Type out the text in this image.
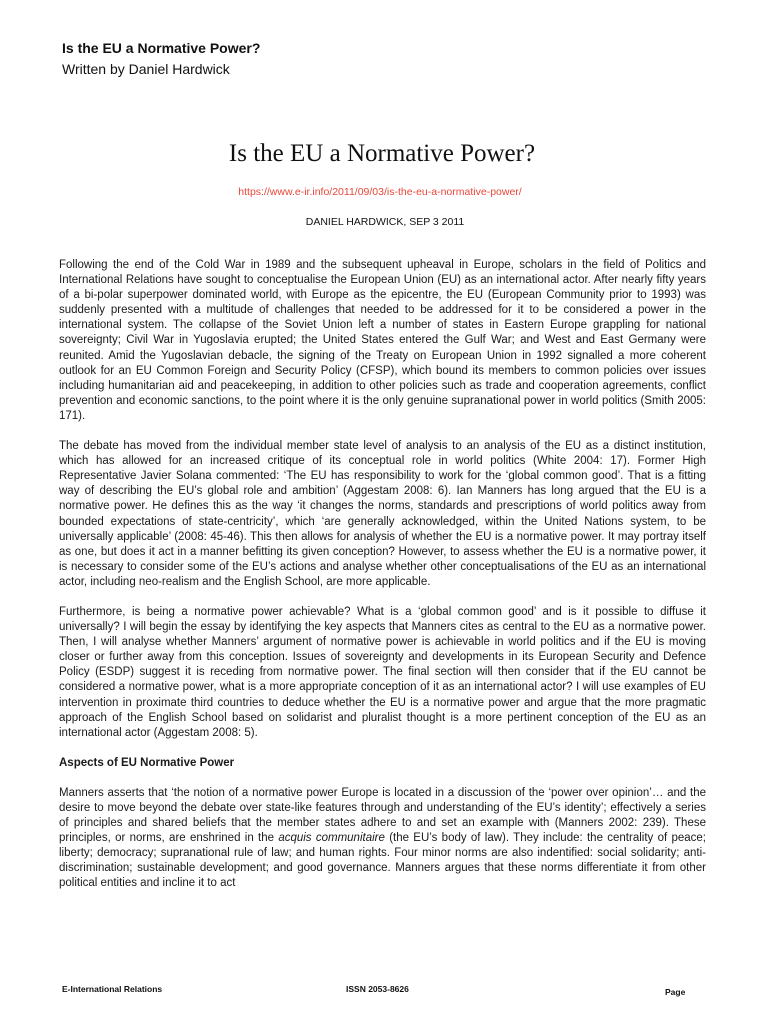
Is the EU a Normative Power?
Written by Daniel Hardwick
Is the EU a Normative Power?
https://www.e-ir.info/2011/09/03/is-the-eu-a-normative-power/
DANIEL HARDWICK, SEP 3 2011

Following the end of the Cold War in 1989 and the subsequent upheaval in Europe, scholars in the field of Politics and International Relations have sought to conceptualise the European Union (EU) as an international actor. After nearly fifty years of a bi-polar superpower dominated world, with Europe as the epicentre, the EU (European Community prior to 1993) was suddenly presented with a multitude of challenges that needed to be addressed for it to be considered a power in the international system. The collapse of the Soviet Union left a number of states in Eastern Europe grappling for national sovereignty; Civil War in Yugoslavia erupted; the United States entered the Gulf War; and West and East Germany were reunited. Amid the Yugoslavian debacle, the signing of the Treaty on European Union in 1992 signalled a more coherent outlook for an EU Common Foreign and Security Policy (CFSP), which bound its members to common policies over issues including humanitarian aid and peacekeeping, in addition to other policies such as trade and cooperation agreements, conflict prevention and economic sanctions, to the point where it is the only genuine supranational power in world politics (Smith 2005: 171).

The debate has moved from the individual member state level of analysis to an analysis of the EU as a distinct institution, which has allowed for an increased critique of its conceptual role in world politics (White 2004: 17). Former High Representative Javier Solana commented: ‘The EU has responsibility to work for the ‘global common good’. That is a fitting way of describing the EU’s global role and ambition’ (Aggestam 2008: 6). Ian Manners has long argued that the EU is a normative power. He defines this as the way ‘it changes the norms, standards and prescriptions of world politics away from bounded expectations of state-centricity’, which ‘are generally acknowledged, within the United Nations system, to be universally applicable’ (2008: 45-46). This then allows for analysis of whether the EU is a normative power. It may portray itself as one, but does it act in a manner befitting its given conception? However, to assess whether the EU is a normative power, it is necessary to consider some of the EU’s actions and analyse whether other conceptualisations of the EU as an international actor, including neo-realism and the English School, are more applicable.

Furthermore, is being a normative power achievable? What is a ‘global common good’ and is it possible to diffuse it universally? I will begin the essay by identifying the key aspects that Manners cites as central to the EU as a normative power. Then, I will analyse whether Manners’ argument of normative power is achievable in world politics and if the EU is moving closer or further away from this conception. Issues of sovereignty and developments in its European Security and Defence Policy (ESDP) suggest it is receding from normative power. The final section will then consider that if the EU cannot be considered a normative power, what is a more appropriate conception of it as an international actor? I will use examples of EU intervention in proximate third countries to deduce whether the EU is a normative power and argue that the more pragmatic approach of the English School based on solidarist and pluralist thought is a more pertinent conception of the EU as an international actor (Aggestam 2008: 5).

Aspects of EU Normative Power

Manners asserts that ‘the notion of a normative power Europe is located in a discussion of the ‘power over opinion’… and the desire to move beyond the debate over state-like features through and understanding of the EU’s identity’; effectively a series of principles and shared beliefs that the member states adhere to and set an example with (Manners 2002: 239). These principles, or norms, are enshrined in the acquis communitaire (the EU’s body of law). They include: the centrality of peace; liberty; democracy; supranational rule of law; and human rights. Four minor norms are also indentified: social solidarity; anti-discrimination; sustainable development; and good governance. Manners argues that these norms differentiate it from other political entities and incline it to act

E-International Relations	ISSN 2053-8626	Page
